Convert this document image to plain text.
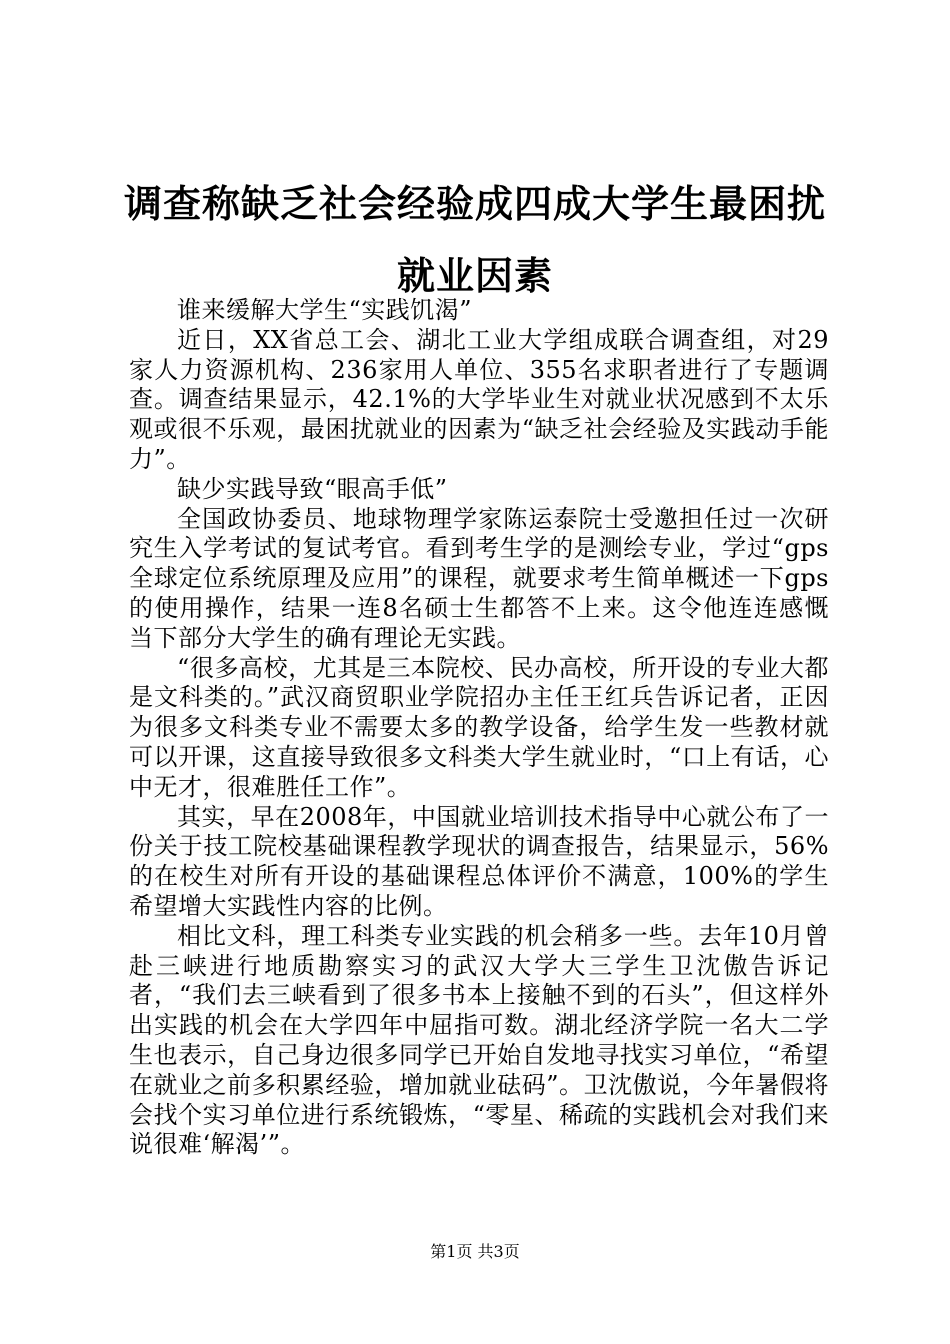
调查称缺乏社会经验成四成大学生最困扰就业因素

谁来缓解大学生“实践饥渴”

近日，XX省总工会、湖北工业大学组成联合调查组，对29家人力资源机构、236家用人单位、355名求职者进行了专题调查。调查结果显示，42.1%的大学毕业生对就业状况感到不太乐观或很不乐观，最困扰就业的因素为“缺乏社会经验及实践动手能力”。

缺少实践导致“眼高手低”

全国政协委员、地球物理学家陈运泰院士受邀担任过一次研究生入学考试的复试考官。看到考生学的是测绘专业，学过“gps全球定位系统原理及应用”的课程，就要求考生简单概述一下gps的使用操作，结果一连8名硕士生都答不上来。这令他连连感慨当下部分大学生的确有理论无实践。

“很多高校，尤其是三本院校、民办高校，所开设的专业大都是文科类的。”武汉商贸职业学院招办主任王红兵告诉记者，正因为很多文科类专业不需要太多的教学设备，给学生发一些教材就可以开课，这直接导致很多文科类大学生就业时，“口上有话，心中无才，很难胜任工作”。

其实，早在2008年，中国就业培训技术指导中心就公布了一份关于技工院校基础课程教学现状的调查报告，结果显示，56%的在校生对所有开设的基础课程总体评价不满意，100%的学生希望增大实践性内容的比例。

相比文科，理工科类专业实践的机会稍多一些。去年10月曾赴三峡进行地质勘察实习的武汉大学大三学生卫沈傲告诉记者，“我们去三峡看到了很多书本上接触不到的石头”，但这样外出实践的机会在大学四年中屈指可数。湖北经济学院一名大二学生也表示，自己身边很多同学已开始自发地寻找实习单位，“希望在就业之前多积累经验，增加就业砝码”。卫沈傲说，今年暑假将会找个实习单位进行系统锻炼，“零星、稀疏的实践机会对我们来说很难‘解渴’”。

第1页 共3页
